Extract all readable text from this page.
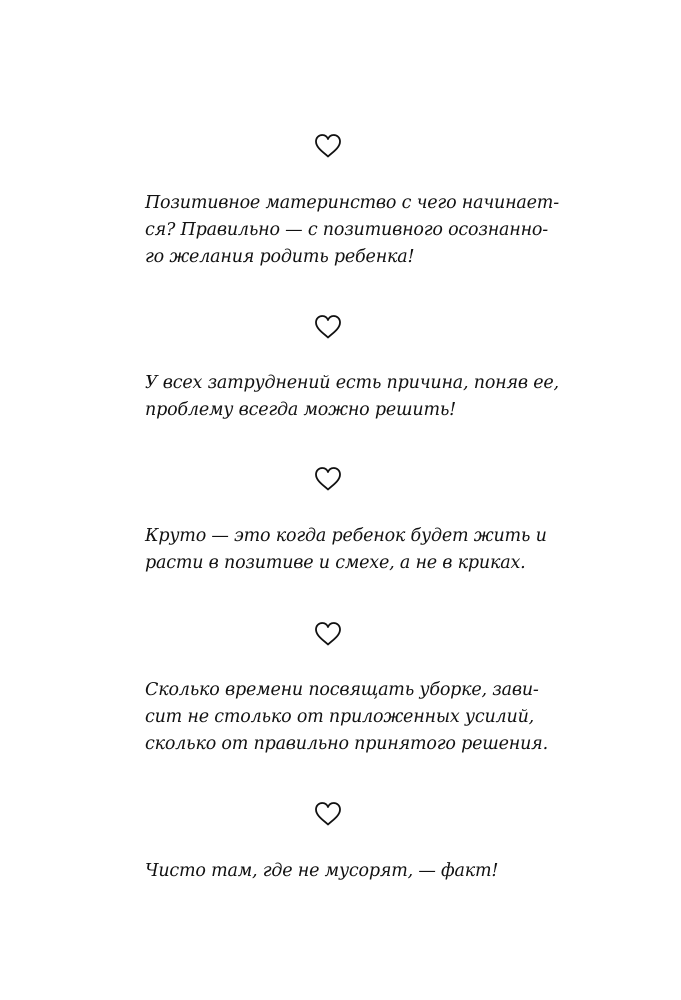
Позитивное материнство с чего начинает-
ся? Правильно — с позитивного осознанно-
го желания родить ребенка!

У всех затруднений есть причина, поняв ее,
проблему всегда можно решить!

Круто — это когда ребенок будет жить и
расти в позитиве и смехе, а не в криках.

Сколько времени посвящать уборке, зави-
сит не столько от приложенных усилий,
сколько от правильно принятого решения.

Чисто там, где не мусорят, — факт!
